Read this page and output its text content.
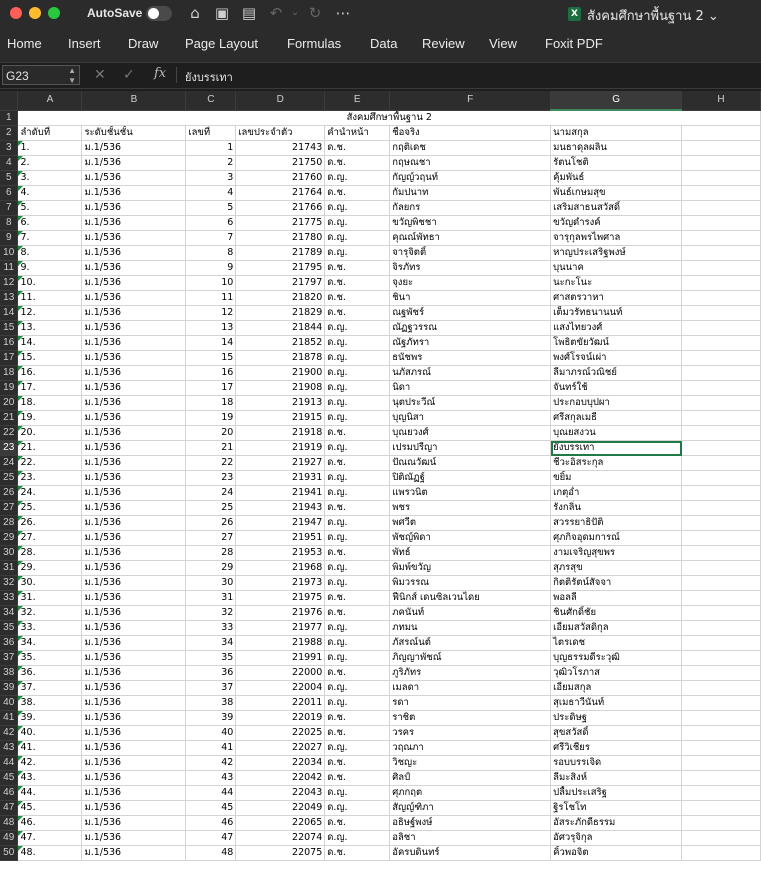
AutoSave	⌂	▣ ▤ ↶ ⌄ ↻ ⋯	X สังคมศึกษาพื้นฐาน 2 ⌄
Home Insert Draw Page Layout Formulas Data Review View Foxit PDF
G23	▲
▼ ✕ ✓ fx ยังบรรเทา
	A	B	C	D	E	F	G	H
1	สังคมศึกษาพื้นฐาน 2							
2	ลำดับที่	ระดับชั้นชั้น	เลขที่	เลขประจำตัว	คำนำหน้า	ชื่อจริง	นามสกุล	
3	1.	ม.1/536	1	21743	ด.ช.	กฤติเดช	มนธาดุลผลิน	
4	2.	ม.1/536	2	21750	ด.ช.	กฤษณชา	รัตนโชติ	
5	3.	ม.1/536	3	21760	ด.ญ.	กัญญ์วฤนท์	คุ้มพันธ์	
6	4.	ม.1/536	4	21764	ด.ช.	กัมปนาท	พันธ์เกษมสุข	
7	5.	ม.1/536	5	21766	ด.ญ.	กัลยกร	เสริมสาธนสวัสดิ์	
8	6.	ม.1/536	6	21775	ด.ญ.	ขวัญพิชชา	ขวัญดำรงค์	
9	7.	ม.1/536	7	21780	ด.ญ.	คุณณ์พัทธา	จารุกุลพรไพศาล	
10	8.	ม.1/536	8	21789	ด.ญ.	จารุจิตติ์	หาญประเสริฐพงษ์	
11	9.	ม.1/536	9	21795	ด.ช.	จิรภัทร	บุนนาค	
12	10.	ม.1/536	10	21797	ด.ช.	จุงยะ	นะกะโนะ	
13	11.	ม.1/536	11	21820	ด.ช.	ชินา	ศาสตรวาหา	
14	12.	ม.1/536	12	21829	ด.ช.	ณฐพัชร์	เต็มวรัทธนานนท์	
15	13.	ม.1/536	13	21844	ด.ญ.	ณัฏฐวรรณ	แสงไทยวงศ์	
16	14.	ม.1/536	14	21852	ด.ญ.	ณัฐภัทรา	โพธิตขัยวัฒน์	
17	15.	ม.1/536	15	21878	ด.ญ.	ธนัชพร	พงศ์โรจน์เผ่า	
18	16.	ม.1/536	16	21900	ด.ญ.	นภัสภรณ์	ลีมาภรณ์วณิชย์	
19	17.	ม.1/536	17	21908	ด.ญ.	นิดา	จันทร์ใช้	
20	18.	ม.1/536	18	21913	ด.ญ.	นุตประวีณ์	ประกอบบุปผา	
21	19.	ม.1/536	19	21915	ด.ญ.	บุญนิสา	ศรีสกุลเมธี	
22	20.	ม.1/536	20	21918	ด.ช.	บุณยวงศ์	บุณยสงวน	
23	21.	ม.1/536	21	21919	ด.ญ.	เปรมปรีญา	ยังบรรเทา	
24	22.	ม.1/536	22	21927	ด.ช.	ปัณณวัฒน์	ชีวะอิสระกุล	
25	23.	ม.1/536	23	21931	ด.ญ.	ปิติณัฏฐ์	ขยิ้ม	
26	24.	ม.1/536	24	21941	ด.ญ.	แพรวนิต	เกตุอ่ำ	
27	25.	ม.1/536	25	21943	ด.ช.	พชร	รังกลิ่น	
28	26.	ม.1/536	26	21947	ด.ญ.	พศวีต	สวรรยาธิปัติ	
29	27.	ม.1/536	27	21951	ด.ญ.	พัชญ์พิดา	ศุภกิจอุดมการณ์	
30	28.	ม.1/536	28	21953	ด.ช.	พัทธ์	งามเจริญสุขพร	
31	29.	ม.1/536	29	21968	ด.ญ.	พิมพ์ขวัญ	สุภรสุข	
32	30.	ม.1/536	30	21973	ด.ญ.	พิมวรรณ	กิตติรัตน์สัจจา	
33	31.	ม.1/536	31	21975	ด.ช.	ฟีนิกส์ เดนซิลเวนไดย	พอลลี	
34	32.	ม.1/536	32	21976	ด.ช.	ภคนันท์	ชินศักดิ์ชัย	
35	33.	ม.1/536	33	21977	ด.ญ.	ภทมน	เอี่ยมสวัสดิกุล	
36	34.	ม.1/536	34	21988	ด.ญ.	ภัสรณ์นต์	ไตรเดช	
37	35.	ม.1/536	35	21991	ด.ญ.	ภิญญาพัชณ์	บุญธรรมดีระวุฒิ	
38	36.	ม.1/536	36	22000	ด.ช.	ภูริภัทร	วุฒิวโรภาส	
39	37.	ม.1/536	37	22004	ด.ญ.	เมลดา	เอี่ยมสกุล	
40	38.	ม.1/536	38	22011	ด.ญ.	รดา	สุเมธาวีนันท์	
41	39.	ม.1/536	39	22019	ด.ช.	ราชิต	ประดิษฐ	
42	40.	ม.1/536	40	22025	ด.ช.	วรคร	สุขสวัสดิ์	
43	41.	ม.1/536	41	22027	ด.ญ.	วฤณภา	ศรีวิเชียร	
44	42.	ม.1/536	42	22034	ด.ช.	วิชญะ	รอบบรรเจิด	
45	43.	ม.1/536	43	22042	ด.ช.	ศิลป์	ลีมะสิงห์	
46	44.	ม.1/536	44	22043	ด.ญ.	ศุภกฤต	ปลื้มประเสริฐ	
47	45.	ม.1/536	45	22049	ด.ญ.	สัญญ์ฑิภา	ฐิรโชโท	
48	46.	ม.1/536	46	22065	ด.ช.	อธิษฐ์พงษ์	อัสระภักดีธรรม	
49	47.	ม.1/536	47	22074	ด.ญ.	อลิชา	อัศวรุจิกุล	
50	48.	ม.1/536	48	22075	ด.ช.	อัครบดินทร์	คิ้วพอจิต	
